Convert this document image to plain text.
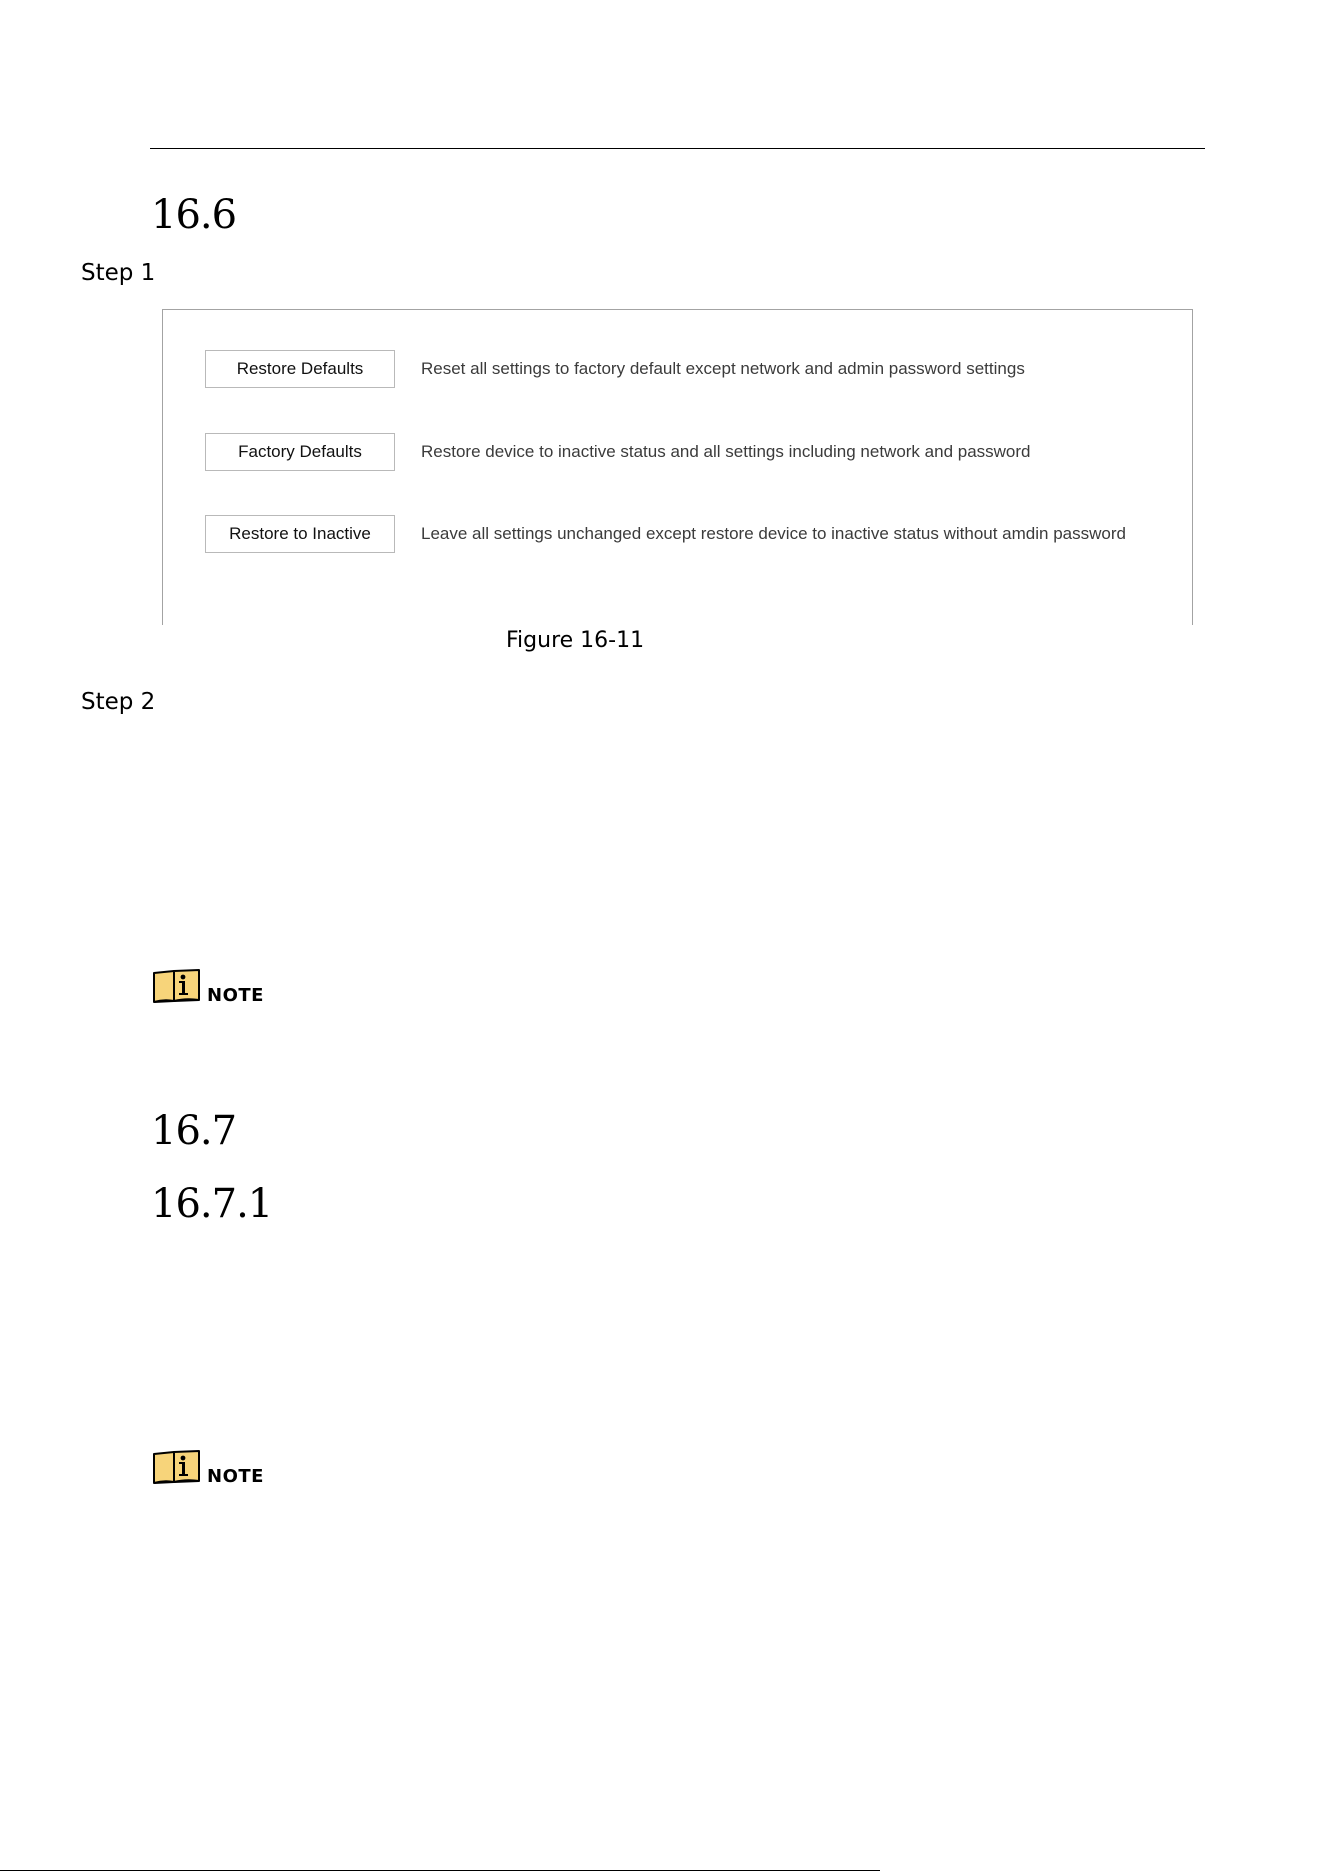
16.6
Step 1
Restore Defaults	Reset all settings to factory default except network and admin password settings
Factory Defaults	Restore device to inactive status and all settings including network and password
Restore to Inactive	Leave all settings unchanged except restore device to inactive status without amdin password
Figure 16-11
Step 2
NOTE
16.7
16.7.1
NOTE
